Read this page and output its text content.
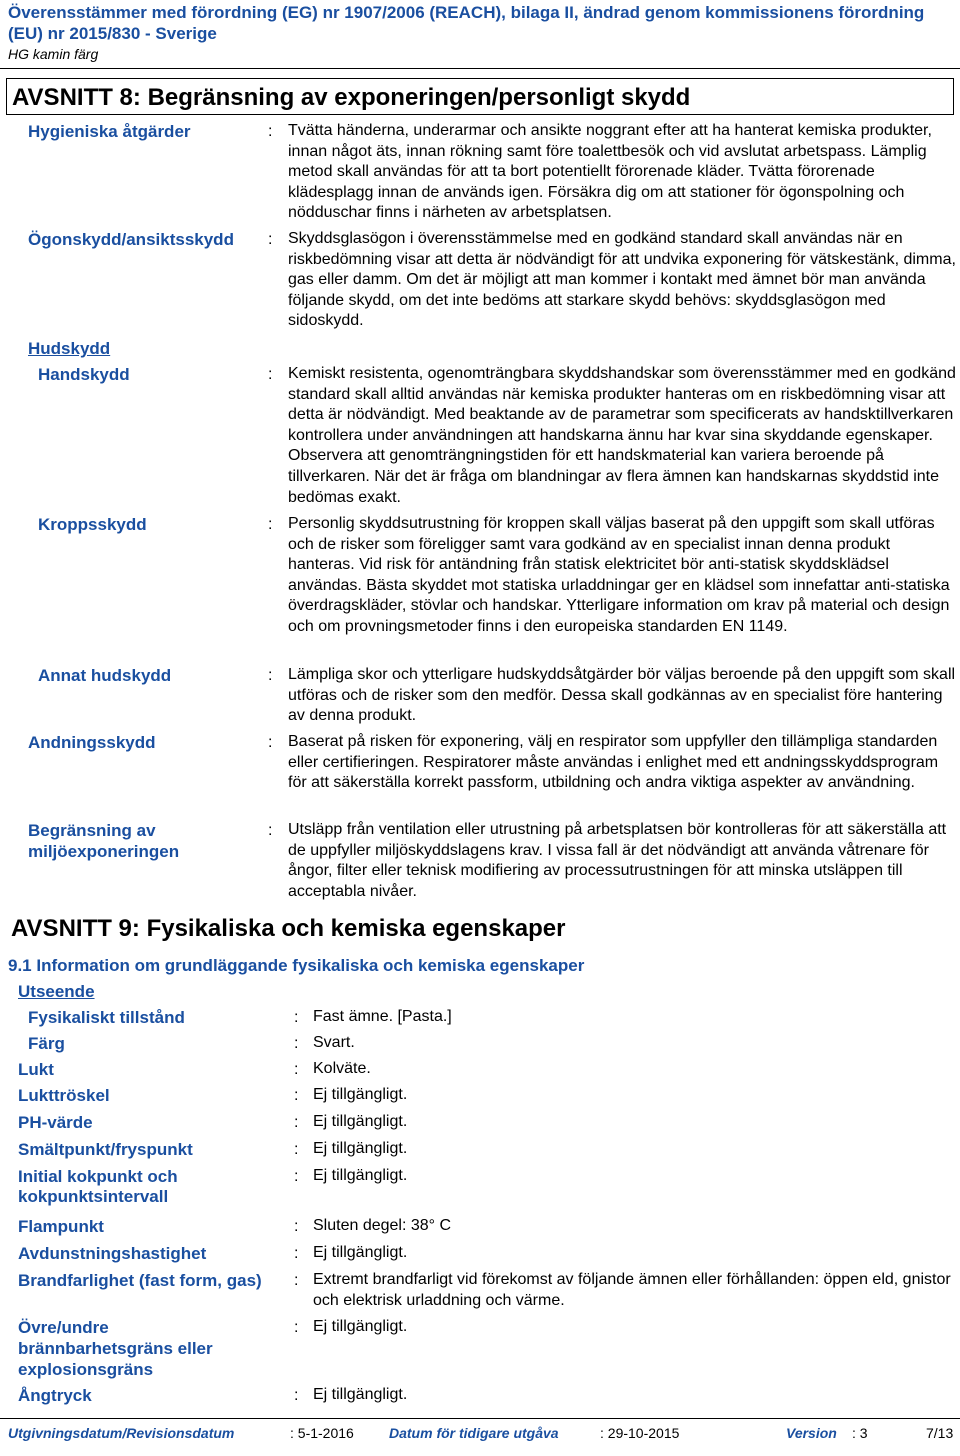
Överensstämmer med förordning (EG) nr 1907/2006 (REACH), bilaga II, ändrad genom kommissionens förordning (EU) nr 2015/830 - Sverige
HG kamin färg
AVSNITT 8: Begränsning av exponeringen/personligt skydd
Hygieniska åtgärder	: Tvätta händerna, underarmar och ansikte noggrant efter att ha hanterat kemiska produkter, innan något äts, innan rökning samt före toalettbesök och vid avslutat arbetspass. Lämplig metod skall användas för att ta bort potentiellt förorenade kläder. Tvätta förorenade klädesplagg innan de används igen. Försäkra dig om att stationer för ögonspolning och nödduschar finns i närheten av arbetsplatsen.
Ögonskydd/ansiktsskydd : Skyddsglasögon i överensstämmelse med en godkänd standard skall användas när en riskbedömning visar att detta är nödvändigt för att undvika exponering för vätskestänk, dimma, gas eller damm. Om det är möjligt att man kommer i kontakt med ämnet bör man använda följande skydd, om det inte bedöms att starkare skydd behövs: skyddsglasögon med sidoskydd.
Hudskydd
Handskydd	: Kemiskt resistenta, ogenomträngbara skyddshandskar som överensstämmer med en godkänd standard skall alltid användas när kemiska produkter hanteras om en riskbedömning visar att detta är nödvändigt. Med beaktande av de parametrar som specificerats av handsktillverkaren kontrollera under användningen att handskarna ännu har kvar sina skyddande egenskaper. Observera att genomträngningstiden för ett handskmaterial kan variera beroende på tillverkaren. När det är fråga om blandningar av flera ämnen kan handskarnas skyddstid inte bedömas exakt.
Kroppsskydd	: Personlig skyddsutrustning för kroppen skall väljas baserat på den uppgift som skall utföras och de risker som föreligger samt vara godkänd av en specialist innan denna produkt hanteras. Vid risk för antändning från statisk elektricitet bör anti-statisk skyddsklädsel användas. Bästa skyddet mot statiska urladdningar ger en klädsel som innefattar anti-statiska överdragskläder, stövlar och handskar. Ytterligare information om krav på material och design och om provningsmetoder finns i den europeiska standarden EN 1149.
Annat hudskydd	: Lämpliga skor och ytterligare hudskyddsåtgärder bör väljas beroende på den uppgift som skall utföras och de risker som den medför. Dessa skall godkännas av en specialist före hantering av denna produkt.
Andningsskydd	: Baserat på risken för exponering, välj en respirator som uppfyller den tillämpliga standarden eller certifieringen. Respiratorer måste användas i enlighet med ett andningsskyddsprogram för att säkerställa korrekt passform, utbildning och andra viktiga aspekter av användning.
Begränsning av
miljöexponeringen
: Utsläpp från ventilation eller utrustning på arbetsplatsen bör kontrolleras för att säkerställa att de uppfyller miljöskyddslagens krav. I vissa fall är det nödvändigt att använda våtrenare för ångor, filter eller teknisk modifiering av processutrustningen för att minska utsläppen till acceptabla nivåer.
AVSNITT 9: Fysikaliska och kemiska egenskaper
9.1 Information om grundläggande fysikaliska och kemiska egenskaper
Utseende
Fysikaliskt tillstånd	: Fast ämne. [Pasta.]
Färg	: Svart.
Lukt	: Kolväte.
Lukttröskel	: Ej tillgängligt.
PH-värde	: Ej tillgängligt.
Smältpunkt/fryspunkt	: Ej tillgängligt.
Initial kokpunkt och
kokpunktsintervall
: Ej tillgängligt.
Flampunkt	: Sluten degel: 38° C
Avdunstningshastighet	: Ej tillgängligt.
Brandfarlighet (fast form, gas) : Extremt brandfarligt vid förekomst av följande ämnen eller förhållanden: öppen eld, gnistor och elektrisk urladdning och värme.
Övre/undre
brännbarhetsgräns eller
explosionsgräns
: Ej tillgängligt.
Ångtryck	: Ej tillgängligt.
Utgivningsdatum/Revisionsdatum	: 5-1-2016	Datum för tidigare utgåva	: 29-10-2015	Version : 3	7/13
